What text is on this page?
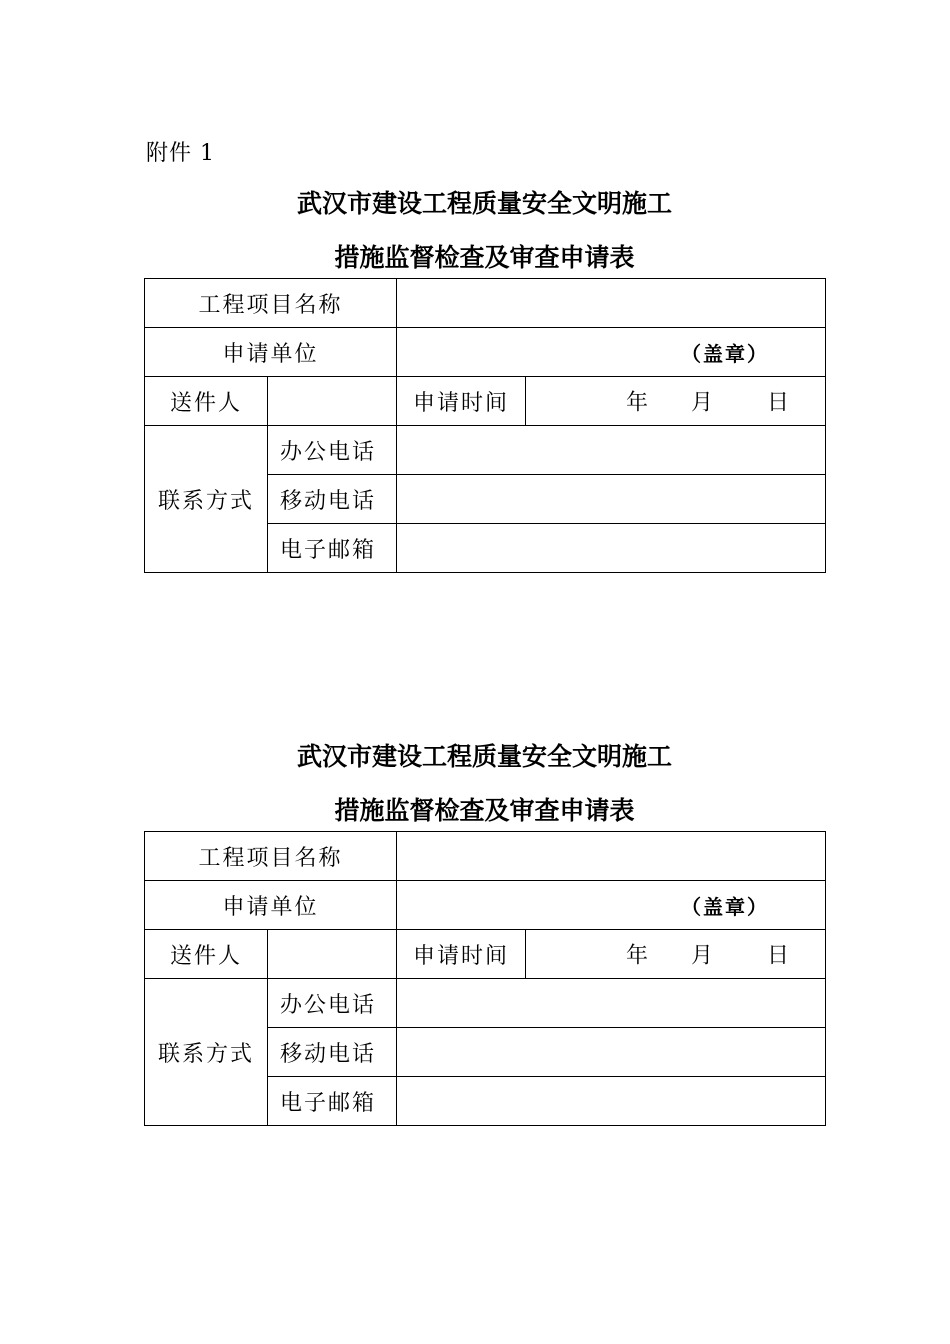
附件 1
武汉市建设工程质量安全文明施工
措施监督检查及审查申请表
工程项目名称			
申请单位		（盖章）	
送件人		申请时间	年 月 日

联系方式	办公电话		
	移动电话		
	电子邮箱		
武汉市建设工程质量安全文明施工
措施监督检查及审查申请表
工程项目名称			
申请单位		（盖章）	
送件人		申请时间	年 月 日

联系方式	办公电话		
	移动电话		
	电子邮箱		
